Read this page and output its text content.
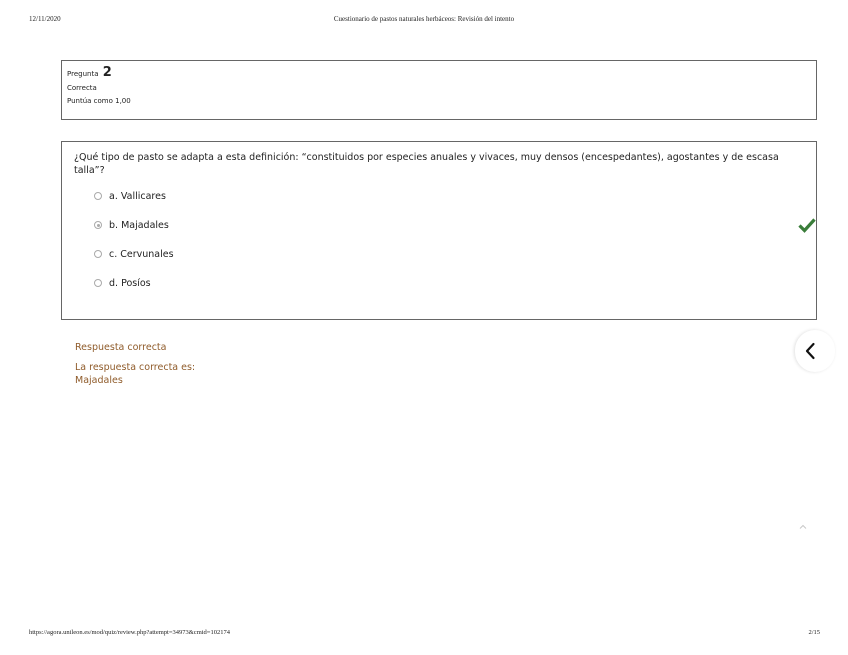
12/11/2020	Cuestionario de pastos naturales herbáceos: Revisión del intento
Pregunta 2
Correcta
Puntúa como 1,00

¿Qué tipo de pasto se adapta a esta definición: “constituidos por especies anuales y vivaces, muy densos (encespedantes), agostantes y de escasa talla”?

a. Vallicares
b. Majadales
c. Cervunales
d. Posíos

Respuesta correcta

La respuesta correcta es:

Majadales

https://agora.unileon.es/mod/quiz/review.php?attempt=34973&cmid=102174	2/15
